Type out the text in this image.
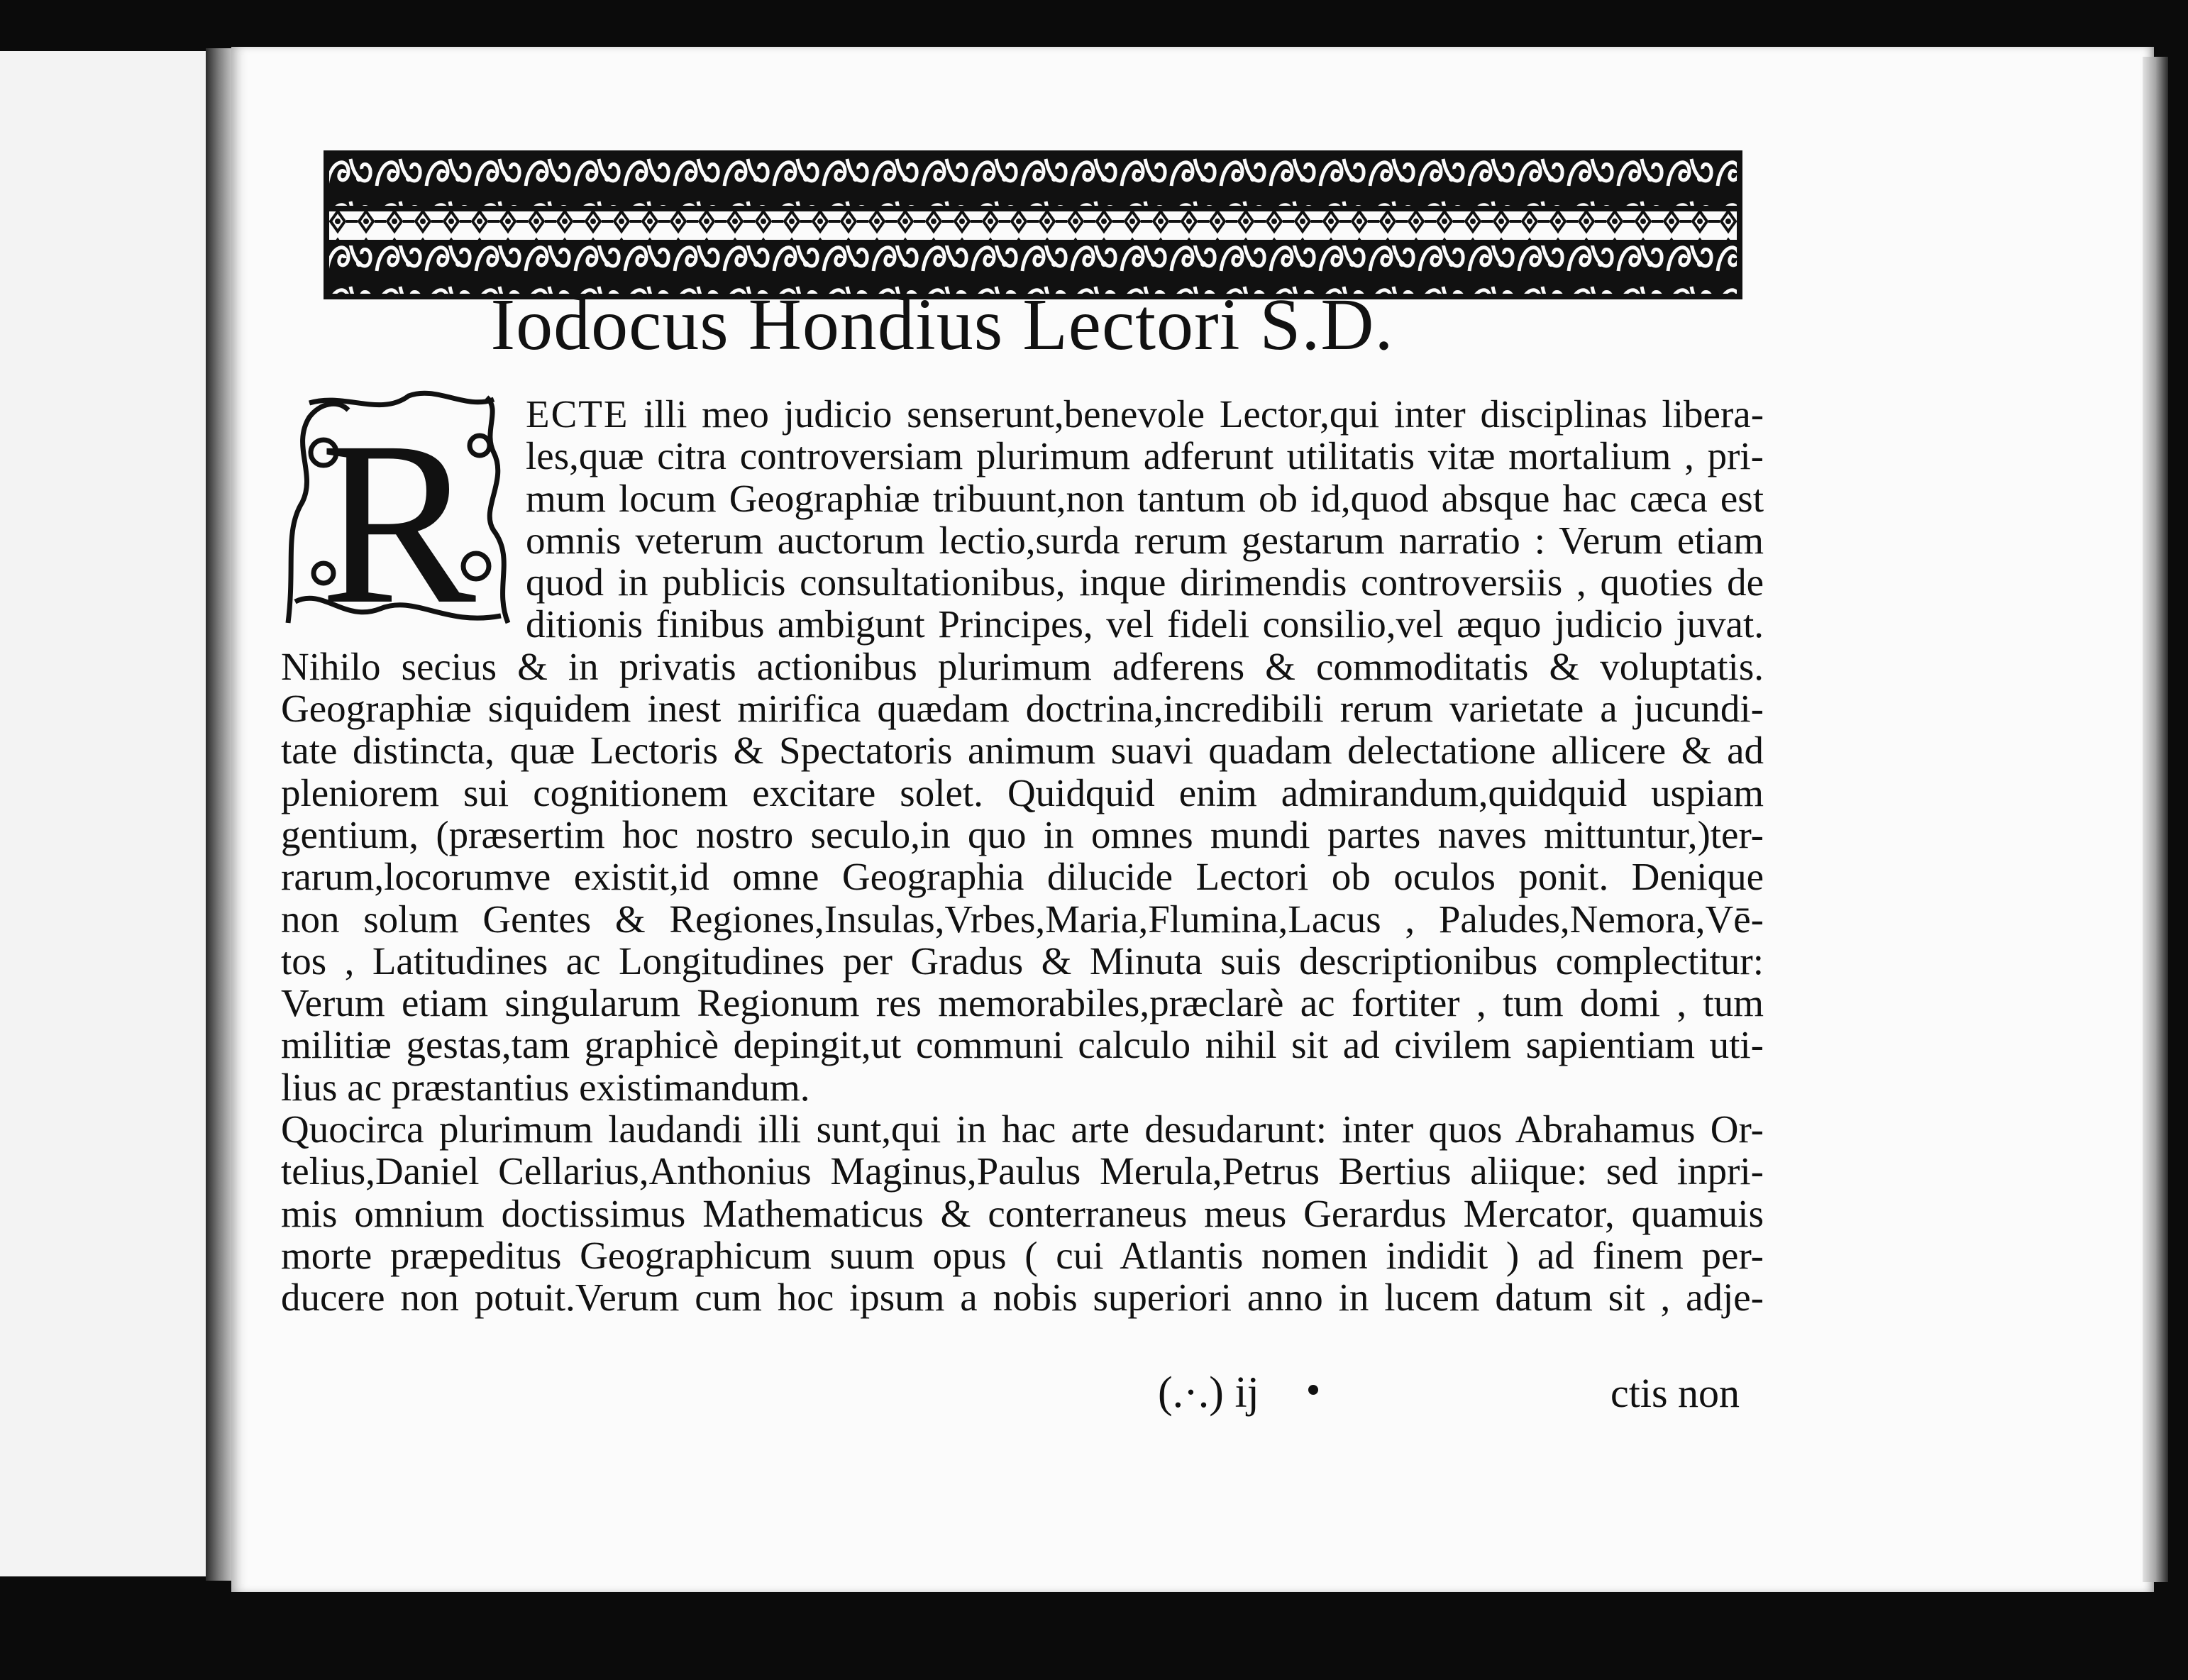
Iodocus Hondius Lectori S.D.
R	ECTE illi meo judicio senserunt,benevole Lector,qui inter disciplinas libera-
les,quæ citra controversiam plurimum adferunt utilitatis vitæ mortalium , pri-
mum locum Geographiæ tribuunt,non tantum ob id,quod absque hac cæca est
omnis veterum auctorum lectio,surda rerum gestarum narratio : Verum etiam
quod in publicis consultationibus, inque dirimendis controversiis , quoties de
ditionis finibus ambigunt Principes, vel fideli consilio,vel æquo judicio juvat.
Nihilo secius & in privatis actionibus plurimum adferens & commoditatis & voluptatis.
Geographiæ siquidem inest mirifica quædam doctrina,incredibili rerum varietate a jucundi-
tate distincta, quæ Lectoris & Spectatoris animum suavi quadam delectatione allicere & ad
pleniorem sui cognitionem excitare solet. Quidquid enim admirandum,quidquid uspiam
gentium, (præsertim hoc nostro seculo,in quo in omnes mundi partes naves mittuntur,)ter-
rarum,locorumve existit,id omne Geographia dilucide Lectori ob oculos ponit. Denique
non solum Gentes & Regiones,Insulas,Vrbes,Maria,Flumina,Lacus , Paludes,Nemora,Vē-
tos , Latitudines ac Longitudines per Gradus & Minuta suis descriptionibus complectitur:
Verum etiam singularum Regionum res memorabiles,præclarè ac fortiter , tum domi , tum
militiæ gestas,tam graphicè depingit,ut communi calculo nihil sit ad civilem sapientiam uti-
lius ac præstantius existimandum.
Quocirca plurimum laudandi illi sunt,qui in hac arte desudarunt: inter quos Abrahamus Or-
telius,Daniel Cellarius,Anthonius Maginus,Paulus Merula,Petrus Bertius aliique: sed inpri-
mis omnium doctissimus Mathematicus & conterraneus meus Gerardus Mercator, quamuis
morte præpeditus Geographicum suum opus ( cui Atlantis nomen indidit ) ad finem per-
ducere non potuit.Verum cum hoc ipsum a nobis superiori anno in lucem datum sit , adje-
(.·.) ij	ctis non
